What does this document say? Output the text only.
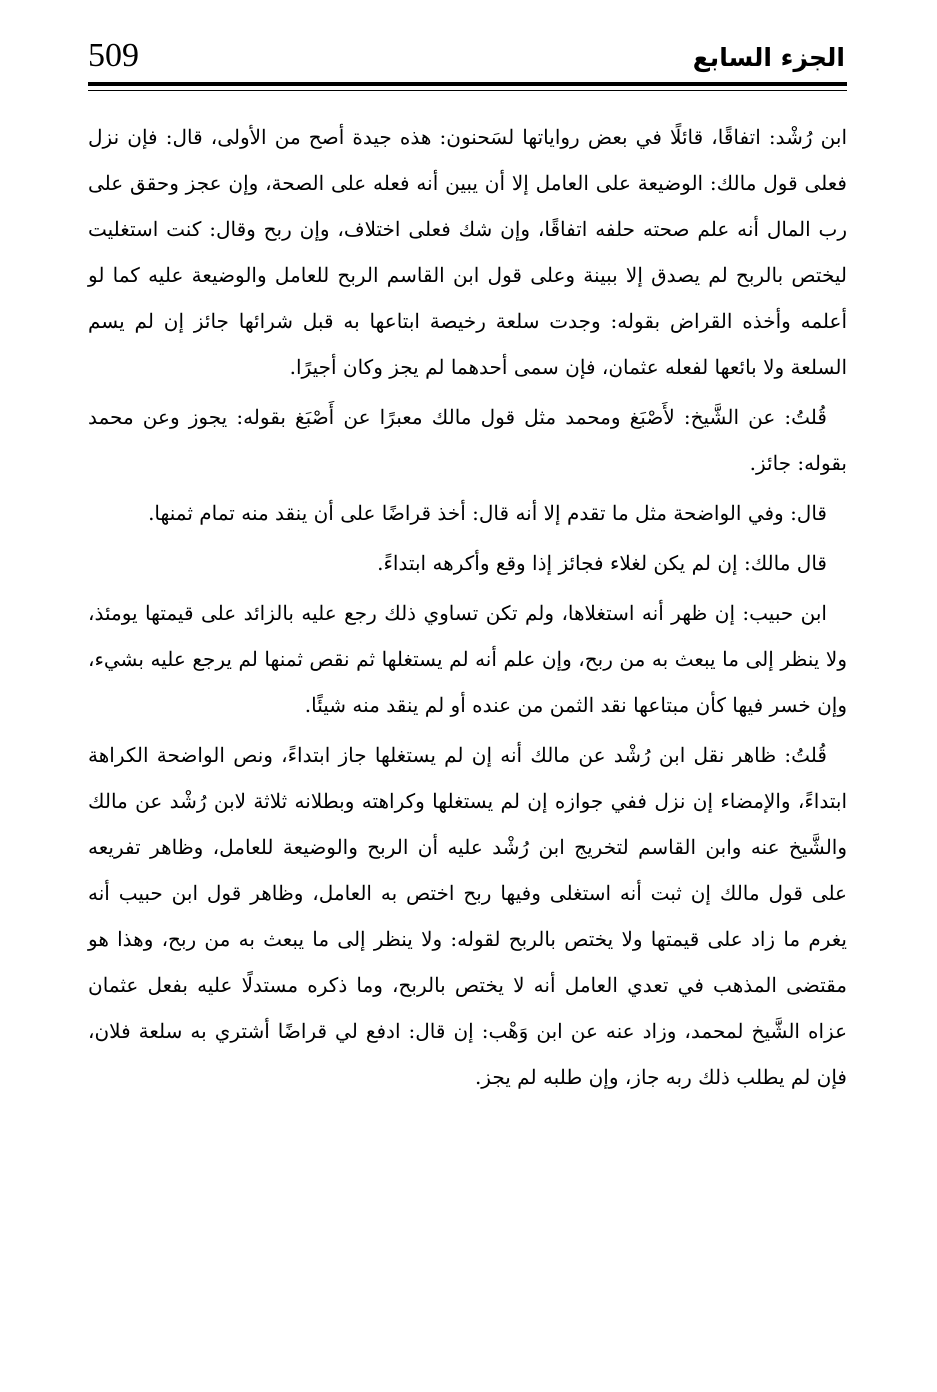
509	الجزء السابع

ابن رُشْد: اتفاقًا، قائلًا في بعض رواياتها لسَحنون: هذه جيدة أصح من الأولى، قال: فإن نزل فعلى قول مالك: الوضيعة على العامل إلا أن يبين أنه فعله على الصحة، وإن عجز وحقق على رب المال أنه علم صحته حلفه اتفاقًا، وإن شك فعلى اختلاف، وإن ربح وقال: كنت استغليت ليختص بالربح لم يصدق إلا ببينة وعلى قول ابن القاسم الربح للعامل والوضيعة عليه كما لو أعلمه وأخذه القراض بقوله: وجدت سلعة رخيصة ابتاعها به قبل شرائها جائز إن لم يسم السلعة ولا بائعها لفعله عثمان، فإن سمى أحدهما لم يجز وكان أجيرًا.

قُلتُ: عن الشَّيخ: لأَصْبَغ ومحمد مثل قول مالك معبرًا عن أَصْبَغ بقوله: يجوز وعن محمد بقوله: جائز.

قال: وفي الواضحة مثل ما تقدم إلا أنه قال: أخذ قراضًا على أن ينقد منه تمام ثمنها.

قال مالك: إن لم يكن لغلاء فجائز إذا وقع وأكرهه ابتداءً.

ابن حبيب: إن ظهر أنه استغلاها، ولم تكن تساوي ذلك رجع عليه بالزائد على قيمتها يومئذ، ولا ينظر إلى ما يبعث به من ربح، وإن علم أنه لم يستغلها ثم نقص ثمنها لم يرجع عليه بشيء، وإن خسر فيها كأن مبتاعها نقد الثمن من عنده أو لم ينقد منه شيئًا.

قُلتُ: ظاهر نقل ابن رُشْد عن مالك أنه إن لم يستغلها جاز ابتداءً، ونص الواضحة الكراهة ابتداءً، والإمضاء إن نزل ففي جوازه إن لم يستغلها وكراهته وبطلانه ثلاثة لابن رُشْد عن مالك والشَّيخ عنه وابن القاسم لتخريج ابن رُشْد عليه أن الربح والوضيعة للعامل، وظاهر تفريعه على قول مالك إن ثبت أنه استغلى وفيها ربح اختص به العامل، وظاهر قول ابن حبيب أنه يغرم ما زاد على قيمتها ولا يختص بالربح لقوله: ولا ينظر إلى ما يبعث به من ربح، وهذا هو مقتضى المذهب في تعدي العامل أنه لا يختص بالربح، وما ذكره مستدلًا عليه بفعل عثمان عزاه الشَّيخ لمحمد، وزاد عنه عن ابن وَهْب: إن قال: ادفع لي قراضًا أشتري به سلعة فلان، فإن لم يطلب ذلك ربه جاز، وإن طلبه لم يجز.
